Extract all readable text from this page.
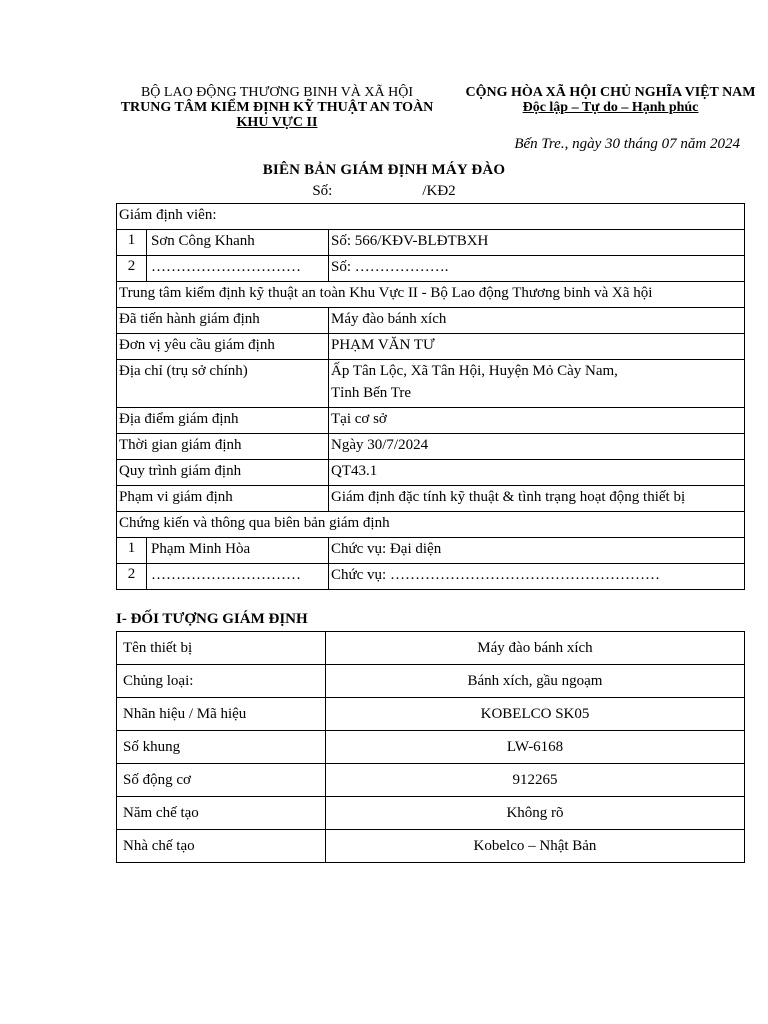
BỘ LAO ĐỘNG THƯƠNG BINH VÀ XÃ HỘI
TRUNG TÂM KIỂM ĐỊNH KỸ THUẬT AN TOÀN
KHU VỰC II
CỘNG HÒA XÃ HỘI CHỦ NGHĨA VIỆT NAM
Độc lập – Tự do – Hạnh phúc
Bến Tre., ngày 30 tháng 07 năm 2024
BIÊN BẢN GIÁM ĐỊNH MÁY ĐÀO
Số:	/KĐ2
Giám định viên:		
1	Sơn Công Khanh	Số: 566/KĐV-BLĐTBXH
2	…………………………	Số: ……………….
Trung tâm kiểm định kỹ thuật an toàn Khu Vực II - Bộ Lao động Thương binh và Xã hội		
Đã tiến hành giám định		Máy đào bánh xích
Đơn vị yêu cầu giám định		PHẠM VĂN TƯ
Địa chỉ (trụ sở chính)		Ấp Tân Lộc, Xã Tân Hội, Huyện Mỏ Cày Nam,
Tỉnh Bến Tre

Địa điểm giám định		Tại cơ sở
Thời gian giám định		Ngày 30/7/2024
Quy trình giám định		QT43.1
Phạm vi giám định		Giám định đặc tính kỹ thuật & tình trạng hoạt động thiết bị
Chứng kiến và thông qua biên bản giám định		
1	Phạm Minh Hòa	Chức vụ: Đại diện
2	…………………………	Chức vụ: ………………………………………………
I- ĐỐI TƯỢNG GIÁM ĐỊNH
Tên thiết bị	Máy đào bánh xích
Chủng loại:	Bánh xích, gầu ngoạm
Nhãn hiệu / Mã hiệu	KOBELCO SK05
Số khung	LW-6168
Số động cơ	912265
Năm chế tạo	Không rõ
Nhà chế tạo	Kobelco – Nhật Bản
